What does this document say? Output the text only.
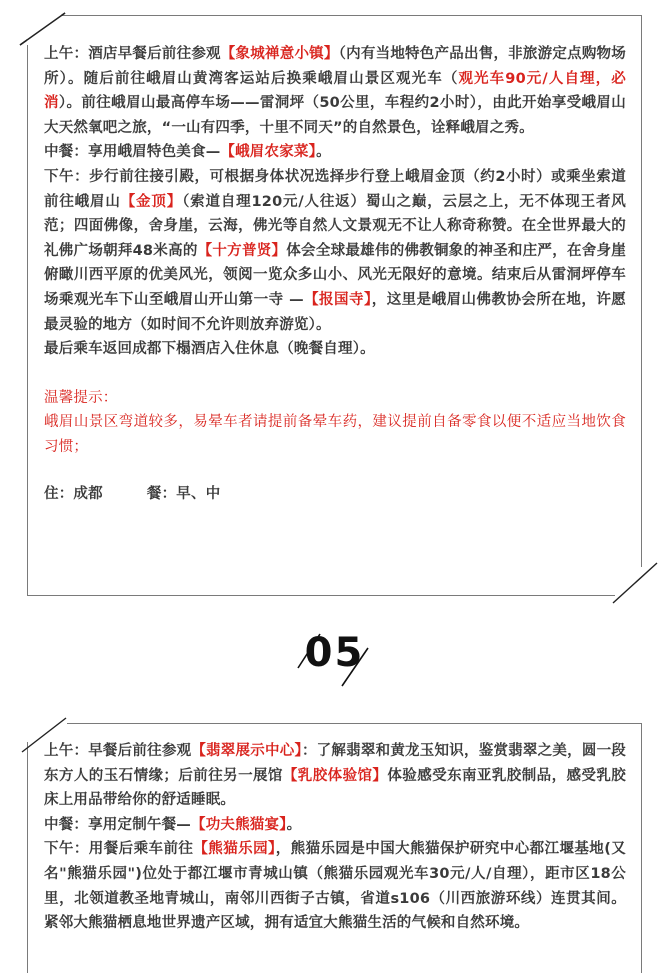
上午：酒店早餐后前往参观【象城禅意小镇】（内有当地特色产品出售，非旅游定点购物场所）。随后前往峨眉山黄湾客运站后换乘峨眉山景区观光车（观光车90元/人自理，必消）。前往峨眉山最高停车场——雷洞坪（50公里，车程约2小时），由此开始享受峨眉山大天然氧吧之旅，“一山有四季，十里不同天”的自然景色，诠释峨眉之秀。

中餐：享用峨眉特色美食—【峨眉农家菜】。

下午：步行前往接引殿，可根据身体状况选择步行登上峨眉金顶（约2小时）或乘坐索道前往峨眉山【金顶】（索道自理120元/人往返）蜀山之巅，云层之上，无不体现王者风范；四面佛像，舍身崖，云海，佛光等自然人文景观无不让人称奇称赞。在全世界最大的礼佛广场朝拜48米高的【十方普贤】体会全球最雄伟的佛教铜象的神圣和庄严，在舍身崖俯瞰川西平原的优美风光，领阅一览众多山小、风光无限好的意境。结束后从雷洞坪停车场乘观光车下山至峨眉山开山第一寺 —【报国寺】，这里是峨眉山佛教协会所在地，许愿最灵验的地方（如时间不允许则放弃游览）。

最后乘车返回成都下榻酒店入住休息（晚餐自理）。

温馨提示：

峨眉山景区弯道较多，易晕车者请提前备晕车药，建议提前自备零食以便不适应当地饮食习惯；

住：成都　　　餐：早、中

05

上午：早餐后前往参观【翡翠展示中心】：了解翡翠和黄龙玉知识，鉴赏翡翠之美，圆一段东方人的玉石情缘；后前往另一展馆【乳胶体验馆】体验感受东南亚乳胶制品，感受乳胶床上用品带给你的舒适睡眠。

中餐：享用定制午餐—【功夫熊猫宴】。

下午：用餐后乘车前往【熊猫乐园】，熊猫乐园是中国大熊猫保护研究中心都江堰基地(又名"熊猫乐园")位处于都江堰市青城山镇（熊猫乐园观光车30元/人/自理），距市区18公里，北领道教圣地青城山，南邻川西街子古镇，省道s106（川西旅游环线）连贯其间。紧邻大熊猫栖息地世界遗产区域，拥有适宜大熊猫生活的气候和自然环境。
